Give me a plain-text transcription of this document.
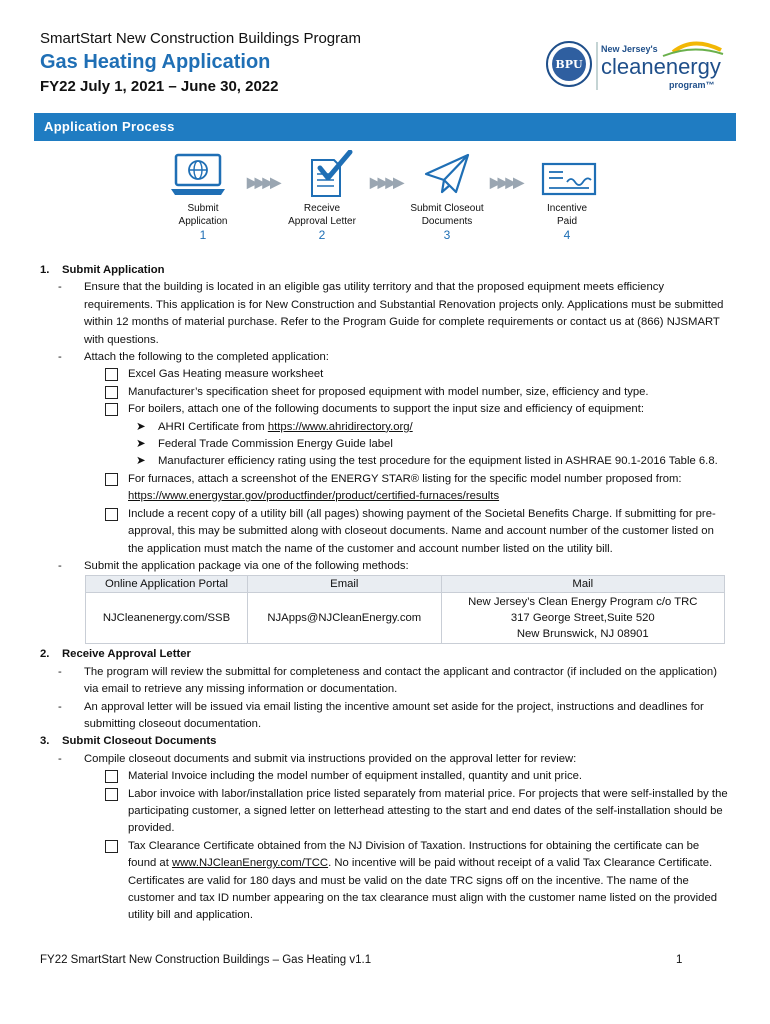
SmartStart New Construction Buildings Program
Gas Heating Application
FY22 July 1, 2021 – June 30, 2022
BPU
New Jersey's
cleanenergy
program™
Application Process
▶▶▶▶	▶▶▶▶	▶▶▶▶
Submit
Application
1
Receive
Approval Letter
2
Submit Closeout
Documents
3
Incentive
Paid
4
1.	Submit Application
-	Ensure that the building is located in an eligible gas utility territory and that the proposed equipment meets efficiency requirements. This application is for New Construction and Substantial Renovation projects only. Applications must be submitted within 12 months of material purchase. Refer to the Program Guide for complete requirements or contact us at (866) NJSMART with questions.
-	Attach the following to the completed application:
Excel Gas Heating measure worksheet
Manufacturer’s specification sheet for proposed equipment with model number, size, efficiency and type.
For boilers, attach one of the following documents to support the input size and efficiency of equipment:
➤	AHRI Certificate from https://www.ahridirectory.org/
➤	Federal Trade Commission Energy Guide label
➤	Manufacturer efficiency rating using the test procedure for the equipment listed in ASHRAE 90.1-2016 Table 6.8.
For furnaces, attach a screenshot of the ENERGY STAR® listing for the specific model number proposed from:
https://www.energystar.gov/productfinder/product/certified-furnaces/results
Include a recent copy of a utility bill (all pages) showing payment of the Societal Benefits Charge. If submitting for pre-approval, this may be submitted along with closeout documents. Name and account number of the customer listed on the application must match the name of the customer and account number listed on the utility bill.
-	Submit the application package via one of the following methods:
Online Application Portal	Email	Mail
NJCleanenergy.com/SSB	NJApps@NJCleanEnergy.com	New Jersey’s Clean Energy Program c/o TRC
317 George Street,Suite 520
New Brunswick, NJ 08901
2.	Receive Approval Letter
-	The program will review the submittal for completeness and contact the applicant and contractor (if included on the application) via email to retrieve any missing information or documentation.
-	An approval letter will be issued via email listing the incentive amount set aside for the project, instructions and deadlines for submitting closeout documentation.
3.	Submit Closeout Documents
-	Compile closeout documents and submit via instructions provided on the approval letter for review:
Material Invoice including the model number of equipment installed, quantity and unit price.
Labor invoice with labor/installation price listed separately from material price. For projects that were self-installed by the participating customer, a signed letter on letterhead attesting to the start and end dates of the self-installation should be provided.
Tax Clearance Certificate obtained from the NJ Division of Taxation. Instructions for obtaining the certificate can be found at www.NJCleanEnergy.com/TCC. No incentive will be paid without receipt of a valid Tax Clearance Certificate. Certificates are valid for 180 days and must be valid on the date TRC signs off on the incentive. The name of the customer and tax ID number appearing on the tax clearance must align with the customer name listed on the provided utility bill and application.
FY22 SmartStart New Construction Buildings – Gas Heating v1.1	1
